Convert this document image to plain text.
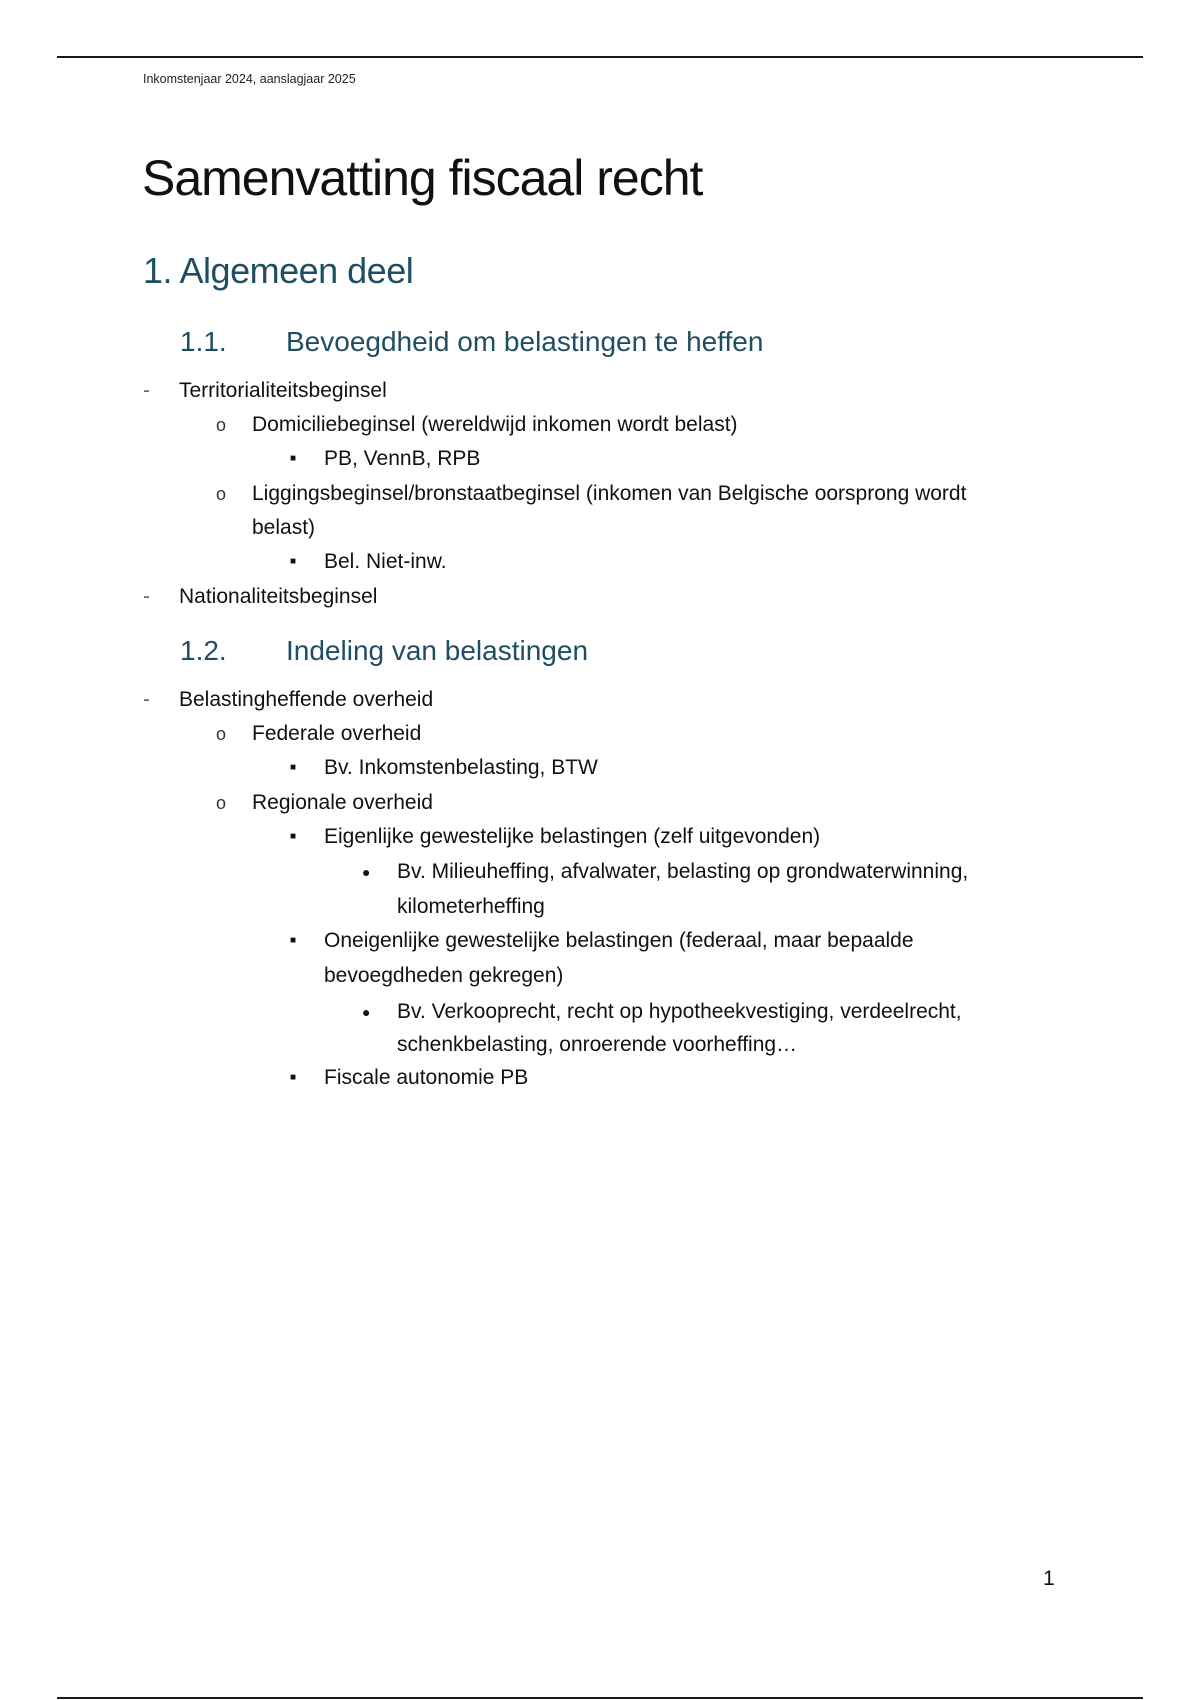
Inkomstenjaar 2024, aanslagjaar 2025
Samenvatting fiscaal recht
1. Algemeen deel
1.1. Bevoegdheid om belastingen te heffen
- Territorialiteitsbeginsel
o Domiciliebeginsel (wereldwijd inkomen wordt belast)
■ PB, VennB, RPB
o Liggingsbeginsel/bronstaatbeginsel (inkomen van Belgische oorsprong wordt
belast)
■ Bel. Niet-inw.
- Nationaliteitsbeginsel
1.2. Indeling van belastingen
- Belastingheffende overheid
o Federale overheid
■ Bv. Inkomstenbelasting, BTW
o Regionale overheid
■ Eigenlijke gewestelijke belastingen (zelf uitgevonden)
● Bv. Milieuheffing, afvalwater, belasting op grondwaterwinning,
kilometerheffing
■ Oneigenlijke gewestelijke belastingen (federaal, maar bepaalde
bevoegdheden gekregen)
● Bv. Verkooprecht, recht op hypotheekvestiging, verdeelrecht,
schenkbelasting, onroerende voorheffing…
■ Fiscale autonomie PB
1
